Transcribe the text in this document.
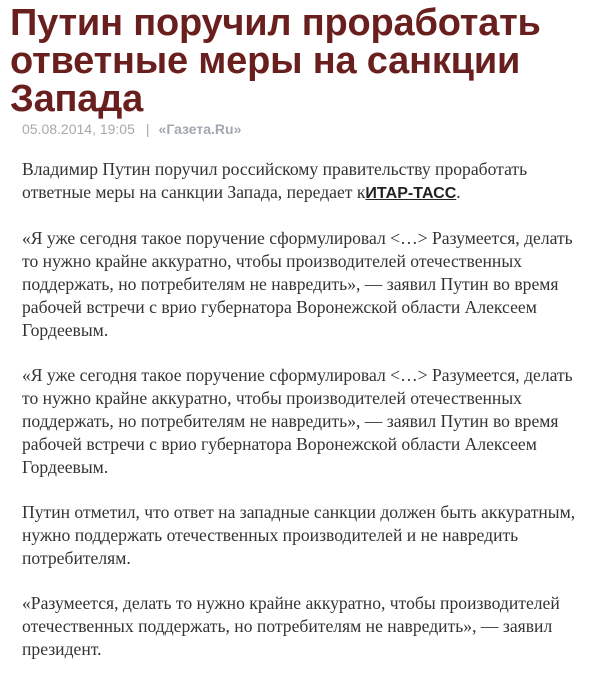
Путин поручил проработать
ответные меры на санкции
Запада
05.08.2014, 19:05 | «Газета.Ru»

Владимир Путин поручил российскому правительству проработать ответные меры на санкции Запада, передает кИТАР-ТАСС.

«Я уже сегодня такое поручение сформулировал <…> Разумеется, делать то нужно крайне аккуратно, чтобы производителей отечественных поддержать, но потребителям не навредить», — заявил Путин во время рабочей встречи с врио губернатора Воронежской области Алексеем Гордеевым.

«Я уже сегодня такое поручение сформулировал <…> Разумеется, делать то нужно крайне аккуратно, чтобы производителей отечественных поддержать, но потребителям не навредить», — заявил Путин во время рабочей встречи с врио губернатора Воронежской области Алексеем Гордеевым.

Путин отметил, что ответ на западные санкции должен быть аккуратным, нужно поддержать отечественных производителей и не навредить потребителям.

«Разумеется, делать то нужно крайне аккуратно, чтобы производителей отечественных поддержать, но потребителям не навредить», — заявил президент.
